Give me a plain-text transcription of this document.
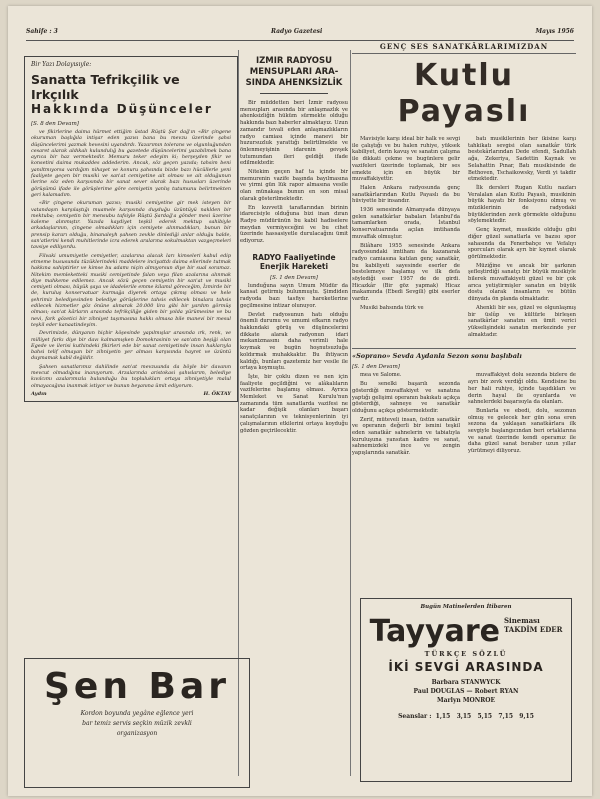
Sahife : 3	Radyo Gazetesi	Mayıs 1956
Bir Yazı Dolayısıyle:
Sanatta Tefrikçilik ve Irkçılık
Hakkında Düşünceler
[S. 8 den Devam]

ve fikirlerine daima hürmet ettiğim üstad Rüştü Şar dağ'ın «Bir çingene okuruman başlığıla intişar eden yazısı bana bu mevzu üzerinde şahsi düşüncelerimi yazmak hevesini uyandırdı. Yazarımın tolerans ve olgunluğundan cesaret alarak aldıkalı kulundulığ bu gazetede düşüncelerimi yazabilmek bana ayrıca bir haz vermektedir. Memuru teker edeyim ki; herşeyden fikir ve konsetini daima mukaddes addederim. Ancak, söz geçen yazıda; tahsim beni yanıltmıyorsa vardığım nihayet ve konuru şahsında bizde bazı hücüllerle yeni faaliyete geçen bir musiki ve san'at cemiyetine ait olması ve ait olduğunun ilerine söz eden karşısında bir sanat sever olarak bazı hususları üzerinde görüşümü ifade ile görüşlerime göre cemiyetin yanlış tutumunu belirtmekten geri kalamadım.

«Bir çingene okuruman yazısı; musiki cemiyetine gir mek isteyen bir vatandaşın karşılaştığı muamele karşısında duyduğu üzüntüyü naklden bir mektuba; cemiyetin bir mensubu tafsiyle Rüştü Şardağ'a gönder mesi üzerine kaleme alınmıştır. Yazıda kaydiyet teşkil ederek mektup sahibiyle arkadaşlarının, çingene olmadıkları için cemiyete alınmadıkları, bunun bir prensip kararı olduğu, binanaleyh şahsen zevkle dinlediği anlar olduğu halde, san'atlerini kendi muhitlerinde icra ederek aralarına sokulmaktan vazgeçmeleri tavsiye ediliyordu.

Filvaki umumiyetle cemiyetler, azalarına alacak ları kimseleri kabul edip etmeme hususunda tüzüklerindeki maddelere inciyattdı daima ellerinde tutmak hakkına sahiptirler ve kimse bu adamı niçin almıyorsun diye bir sual soramaz. Nitekim memleketteki musiki cemiyetinde falan veya filan azalarına alınmak diye mahkeme edilemez. Ancak sözü geçen cemiyetin bir san'at ve musiki cemiyeti olması, büyük şaya ve idadelerile emme kilamıl göreceğim, İzmirde bir de, kuruluş konservatuar kurmağa diyerek ortaya çıkmış olması ve hele şehrimiz belediyesinden belediye görüşlerine tahsis edilecek binalara tahsis edilecek hizmetler göz önüne alınarak 20.000 lira gibi bir yardım görmüş olması; san'at kârların arasında tefrikçiliğe giden bir yolda yürümesine ve bu nevi, fark gözetici bir zihniyet taşımasına hakkı olmasa bile manevi bir mesul teşkil eder kanaatindeyim.

Devrimizde, dünyanın hiçbir köşesinde yapılmışlar arasında ırk, renk, ve milliyet farkı diye bir davı kalmamışken Domokrasinin ve san'atın beşiği olan Egede ve ilerisi kuthindeki fikirleri ede bir sanat cemiyetinde insan haklarıyla bahsi telif olmayan bir zihniyetin yer alması karşısında hayret ve üzüntü duymamak kabil değildir.

Şahsen sanatlarımız dahilinde san'at mevzuunda da böyle bir davanın mevcut olmadığına inanıyorum. Arzalarında aristokasi şahıslarım, belediye kıvılcımı azalarımızla bulunduğu bu toplulukları ortaya zihniyetiyle malul olmayacağına inanmak istiyor ve bunun beyanına ümit ediyorum.

Aydın	H. ÖKTAY
Şen Bar
Kordon boyunda yegâne eğlence yeri
bar temiz servis seçkin müzik zevkli
organizasyon
İZMİR RADYOSU
MENSUPLARI ARA-
SINDA AHENKSİZLİK

Bir müddetten beri İzmir radyosu mensupları arasında bir anlaşmazlık ve ahenksizliğin hüküm sürmekte olduğu hakkında bazı haberler almaktayız. Uzun zamandır tevali eden anlaşmazlıkların radyo camiası içinde manevi bir huzursuzluk yarattığı belirtilmekte ve önlenmeyişinin idarenin gevşek tutumundan ileri geldiği ifade edilmektedir.

Nitekim geçen haf ta içinde bir memurenin vazife başında bayılmasına ve yirmi gün lük rapor almasına vesile olan münakaşa bunun en son misal olarak gösterilmektedir.

En kuvvetli taraflarından birinin idarecisiyle olduğuna bizi inan dıran Radyo müdürünün bu kabil hadiselere meydan vermiyeceğini ve bu cihet üzerinde hassasiyetle durulacağını ümit ediyoruz.

RADYO Faaliyetinde
Enerjik Hareketi
[S. 1 den Devam]

lunduğuna sayın Umum Müdür da kansat getirmiş bulunmuştu. Şimdiden radyoda bazı tasfiye hareketlerine geçilmesine intizar olunuyor.

Devlet radyosunun hatı olduğu önemli durumu ve umumi efkarın radyo hakkındaki görüş ve düşüncelerini dikkate alarak radyonun idari mekanizmasını daha verimli hale koymak ve bugün hoşnutsuzluğa koldırmak muhakkaktır. Bu ihtiyacın kaldığı, bunları gazetemiz her vesile ile ortaya koymuştu.

İşte, bir çoklu dizen ve nen için faaliyete geçildiğini ve alâkalıların vazifelerine başlamış olması. Ayrıca Memleket ve Sanat Kurulu'nun zamanında tüm sanatlarda vazifesi ne kadar değişik olanları başarı sanatçılarının ve teknisyenlerinin iyi çalışmalarının etkilerini ortaya koyduğu gözden geçirilecektir.

GENÇ SES SANATKÂRLARIMIZDAN
Kutlu Payaslı

Mavisiyle karşı ideal bir halk ve sevgi ile çalıştığı ve bu halen ruhiye, yüksek kabiliyet, derin kavuş ve sanatın çalışma ile dikkati çekme ve bugünlere gelir vazifeleri üzerinde toplamak, bir ses emekte için en büyük bir muvaffakiyettir.

Halen Ankara radyosunda genç sanatkârlarından Kutlu Payaslı da bu hüviyette bir insandır.

1936 senesinde Almanyada dünyaya gelen sanatkârlar babaları İstanbul'da tamamlarken orada, İstanbul konservatuarında açılan imtihanda muvaffak olmuştur.

Bilâhare 1955 senesinde Ankara radyosundaki imtihanı da kazanarak radyo camiasına katılan genç sanatkâr, bu kabiliyeti sayesinde eserler de bestelemeye başlamış ve ilk defa söylediği eser 1957 de de girdi. Hicazkâr (Bir göz yapmak) Hicaz makamında (Ebedi Sevgili) gibi eserler vardır.

Musiki bahsında türk ve

batı musikilerinin her ikisine karşı tahkikatı sevgisi olan sanatkâr türk bestekârlarından Dede efendi, Sadullah ağa, Zekeriya, Sadettin Kaynak ve Selahattin Pınar, Batı musikisinde de Bethoven, Tschaikowsky, Verdi yi takdir etmektedir.

İlk dersleri Rugan Kutlu nazları Veralalan alan Kutlu Payaslı, musikinin büyük hayatı bir fonksiyonu olmuş ve müziklerinin de radyodaki büyüklerinden zevk görmekte olduğunu söylemektedir.

Genç kıymet, musikide olduğu gibi diğer güzel sanatlarla ve bazısı spor sahasında da Fenerbahçe ve Vefalıyı sporcuları olarak ayrı bir kıymet olarak görülmektedir.

Müziğine ve ancak bir şarkının şefleştirdiği sanatçı bir büyük musikiyle bilerek muvaffakiyeti güzel ve bir çok arıca yetiştirmişler sanatın en büyük dostu olarak insanların ve bütün dünyada ön planda olmaktadır.

Ahenkli bir ses, güzel ve olgunlaşmış bir üslûp ve kültürle birleşen sanatkârlar sanatını en ümit verici yükselişindeki sanatın merkezinde yer almaktadır.

«Soprano» Sevda Aydanla Sezon sonu başlıbalı
[S. 1 den Devam]

mea ve Salome.

Bu senelki başarılı sezonda gösterdiği muvaffakiyet ve sanatına yaptığı gelişimi operanın bakıkatı açıkça gösterdiği, sahneye ve sanatkâr olduğunu açıkça göstermektedir.

Zerif, müteveli insan, üstün sanatkâr ve operanın değerli bir ismini teşkil eden sanatkâr sahnelerin ve tabiatıyla kuruluşuna yansıtan kadro ve sanat, sahnemizdeki ince ve zengin yapışlarında sanatkâr.

muvaffakiyet dolu sezonda bizlere de ayrı bir zevk verdiği oldu. Kendisine bu her hali ruhiye, içinde taşıdıkları ve derin hayal ile oyunlarda ve sahnelerdeki başarısıyla da olanları.

Bunlarla ve ebedi, dolu, sezonun olmuş ve gelecek her gün sona eren sezona da yaklaşan sanatkârlara ilk sevgiyle başlangıcından beri ortaklarına ve sanat üzerinde kendi operamız ile daha güzel sanat beraber uzun yıllar yürütmeyi diliyoruz.

Bugün Matinelerden İtibaren
Tayyare Sineması
TAKDİM EDER
TÜRKÇE SÖZLÜ
İKİ SEVGİ ARASINDA
Barbara STANWYCK
Paul DOUGLAS — Robert RYAN
Marlyn MONROE
Seanslar :  1,15 3,15 5,15 7,15 9,15
